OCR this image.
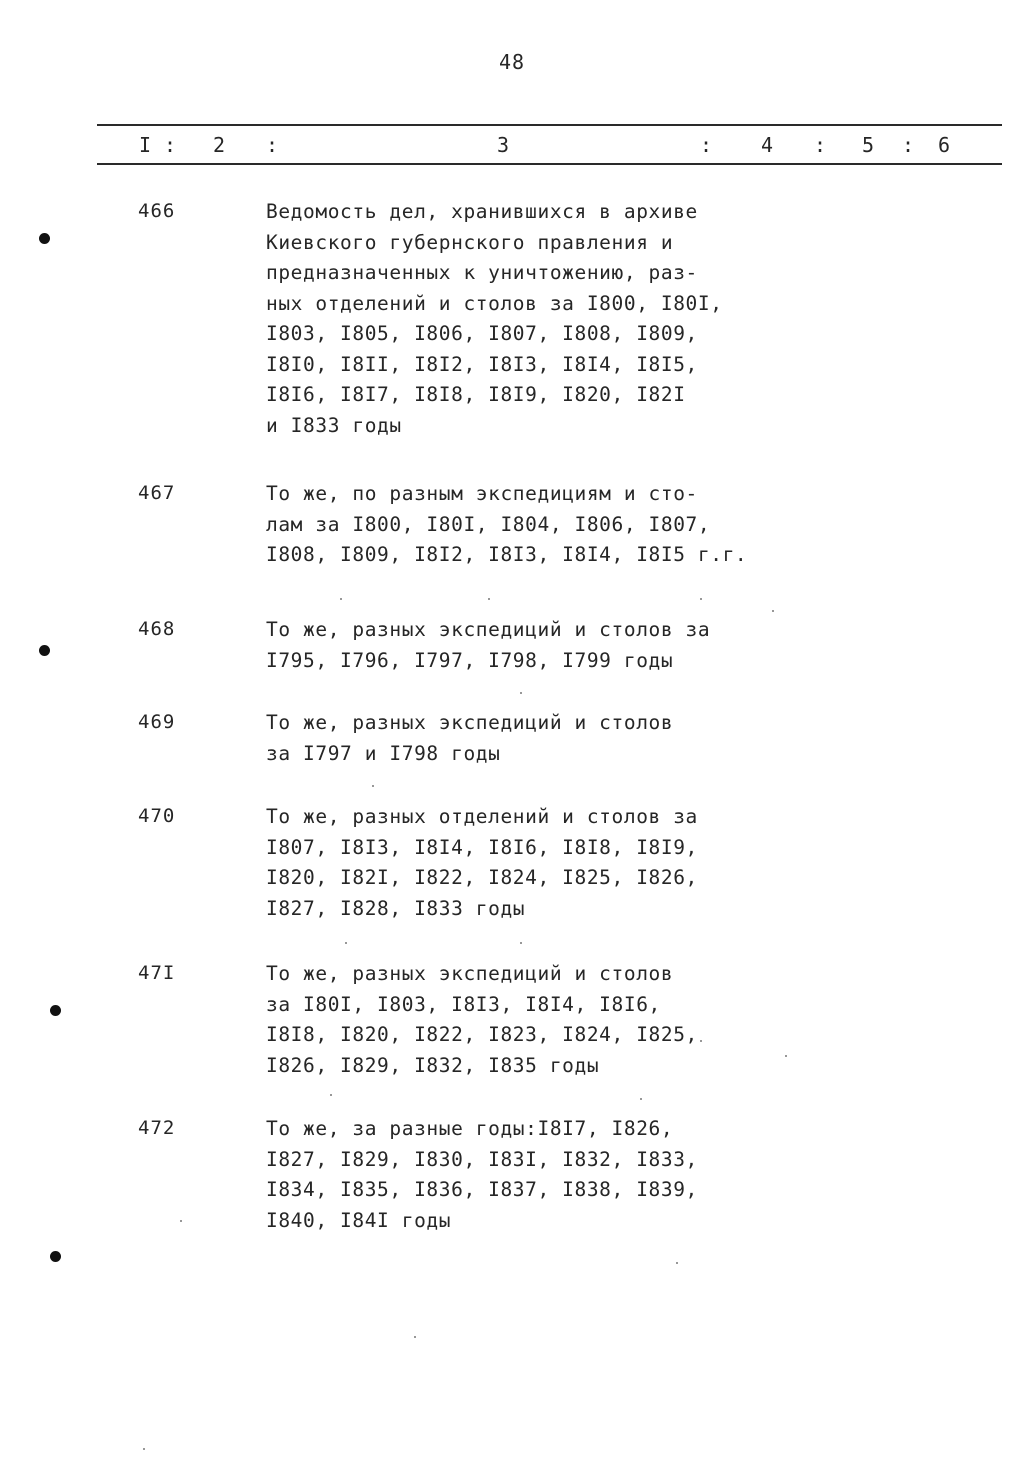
48
I : 2 :	3	: 4 : 5 : 6
466	Ведомость дел, хранившихся в архиве
Киевского губернского правления и
предназначенных к уничтожению, раз-
ных отделений и столов за I800, I80I,
I803, I805, I806, I807, I808, I809,
I8I0, I8II, I8I2, I8I3, I8I4, I8I5,
I8I6, I8I7, I8I8, I8I9, I820, I82I
и I833 годы
467	То же, по разным экспедициям и сто-
лам за I800, I80I, I804, I806, I807,
I808, I809, I8I2, I8I3, I8I4, I8I5 г.г.
468	То же, разных экспедиций и столов за
I795, I796, I797, I798, I799 годы
469	То же, разных экспедиций и столов
за I797 и I798 годы
470	То же, разных отделений и столов за
I807, I8I3, I8I4, I8I6, I8I8, I8I9,
I820, I82I, I822, I824, I825, I826,
I827, I828, I833 годы
47I	То же, разных экспедиций и столов
за I80I, I803, I8I3, I8I4, I8I6,
I8I8, I820, I822, I823, I824, I825,
I826, I829, I832, I835 годы
472	То же, за разные годы:I8I7, I826,
I827, I829, I830, I83I, I832, I833,
I834, I835, I836, I837, I838, I839,
I840, I84I годы
